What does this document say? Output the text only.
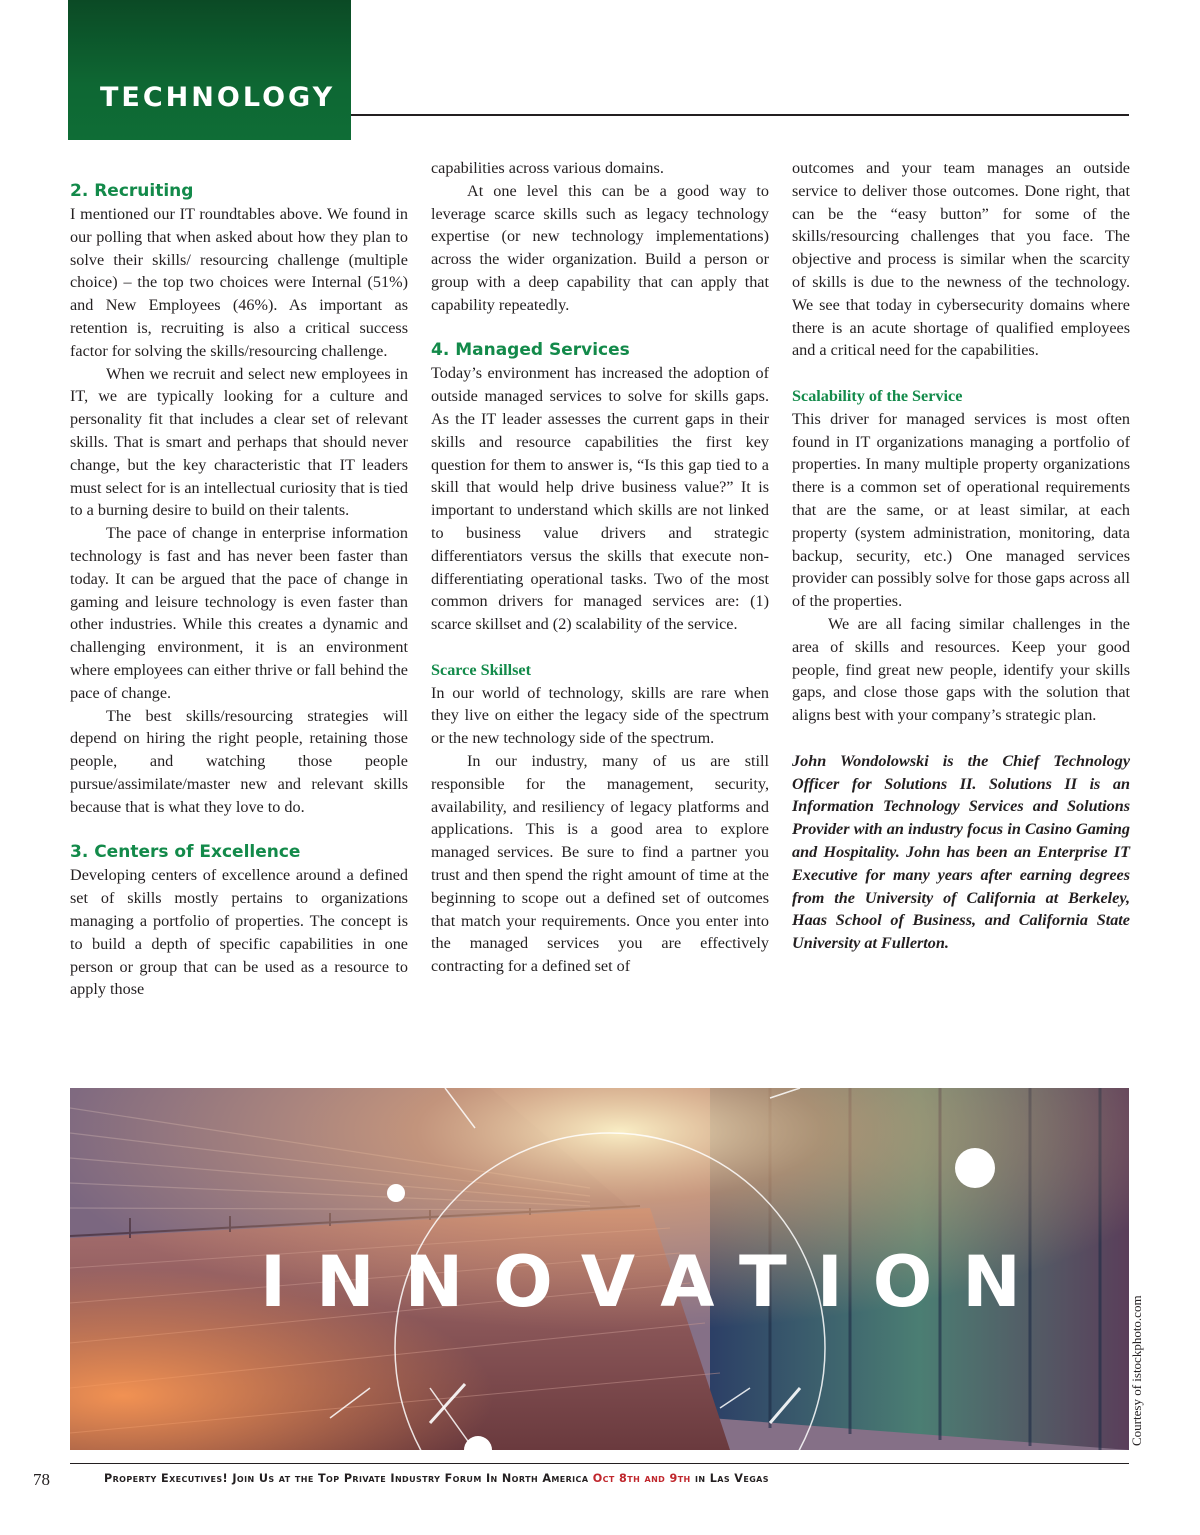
TECHNOLOGY
2. Recruiting

I mentioned our IT roundtables above. We found in our polling that when asked about how they plan to solve their skills/ resourcing challenge (multiple choice) – the top two choices were Internal (51%) and New Employees (46%). As important as retention is, recruiting is also a critical success factor for solving the skills/resourcing challenge.

When we recruit and select new employees in IT, we are typically looking for a culture and personality fit that includes a clear set of relevant skills. That is smart and perhaps that should never change, but the key characteristic that IT leaders must select for is an intellectual curiosity that is tied to a burning desire to build on their talents.

The pace of change in enterprise information technology is fast and has never been faster than today. It can be argued that the pace of change in gaming and leisure technology is even faster than other industries. While this creates a dynamic and challenging environment, it is an environment where employees can either thrive or fall behind the pace of change.

The best skills/resourcing strategies will depend on hiring the right people, retaining those people, and watching those people pursue/assimilate/master new and relevant skills because that is what they love to do.

3. Centers of Excellence

Developing centers of excellence around a defined set of skills mostly pertains to organizations managing a portfolio of properties. The concept is to build a depth of specific capabilities in one person or group that can be used as a resource to apply those

capabilities across various domains.

At one level this can be a good way to leverage scarce skills such as legacy technology expertise (or new technology implementations) across the wider organization. Build a person or group with a deep capability that can apply that capability repeatedly.

4. Managed Services

Today’s environment has increased the adoption of outside managed services to solve for skills gaps. As the IT leader assesses the current gaps in their skills and resource capabilities the first key question for them to answer is, “Is this gap tied to a skill that would help drive business value?” It is important to understand which skills are not linked to business value drivers and strategic differentiators versus the skills that execute non-differentiating operational tasks. Two of the most common drivers for managed services are: (1) scarce skillset and (2) scalability of the service.

Scarce Skillset

In our world of technology, skills are rare when they live on either the legacy side of the spectrum or the new technology side of the spectrum.

In our industry, many of us are still responsible for the management, security, availability, and resiliency of legacy platforms and applications. This is a good area to explore managed services. Be sure to find a partner you trust and then spend the right amount of time at the beginning to scope out a defined set of outcomes that match your requirements. Once you enter into the managed services you are effectively contracting for a defined set of

outcomes and your team manages an outside service to deliver those outcomes. Done right, that can be the “easy button” for some of the skills/resourcing challenges that you face. The objective and process is similar when the scarcity of skills is due to the newness of the technology. We see that today in cybersecurity domains where there is an acute shortage of qualified employees and a critical need for the capabilities.

Scalability of the Service

This driver for managed services is most often found in IT organizations managing a portfolio of properties. In many multiple property organizations there is a common set of operational requirements that are the same, or at least similar, at each property (system administration, monitoring, data backup, security, etc.) One managed services provider can possibly solve for those gaps across all of the properties.

We are all facing similar challenges in the area of skills and resources. Keep your good people, find great new people, identify your skills gaps, and close those gaps with the solution that aligns best with your company’s strategic plan.

John Wondolowski is the Chief Technology Officer for Solutions II. Solutions II is an Information Technology Services and Solutions Provider with an industry focus in Casino Gaming and Hospitality. John has been an Enterprise IT Executive for many years after earning degrees from the University of California at Berkeley, Haas School of Business, and California State University at Fullerton.

INNOVATION
Courtesy of istockphoto.com
78	Property Executives! Join Us at the Top Private Industry Forum In North America Oct 8th and 9th in Las Vegas
